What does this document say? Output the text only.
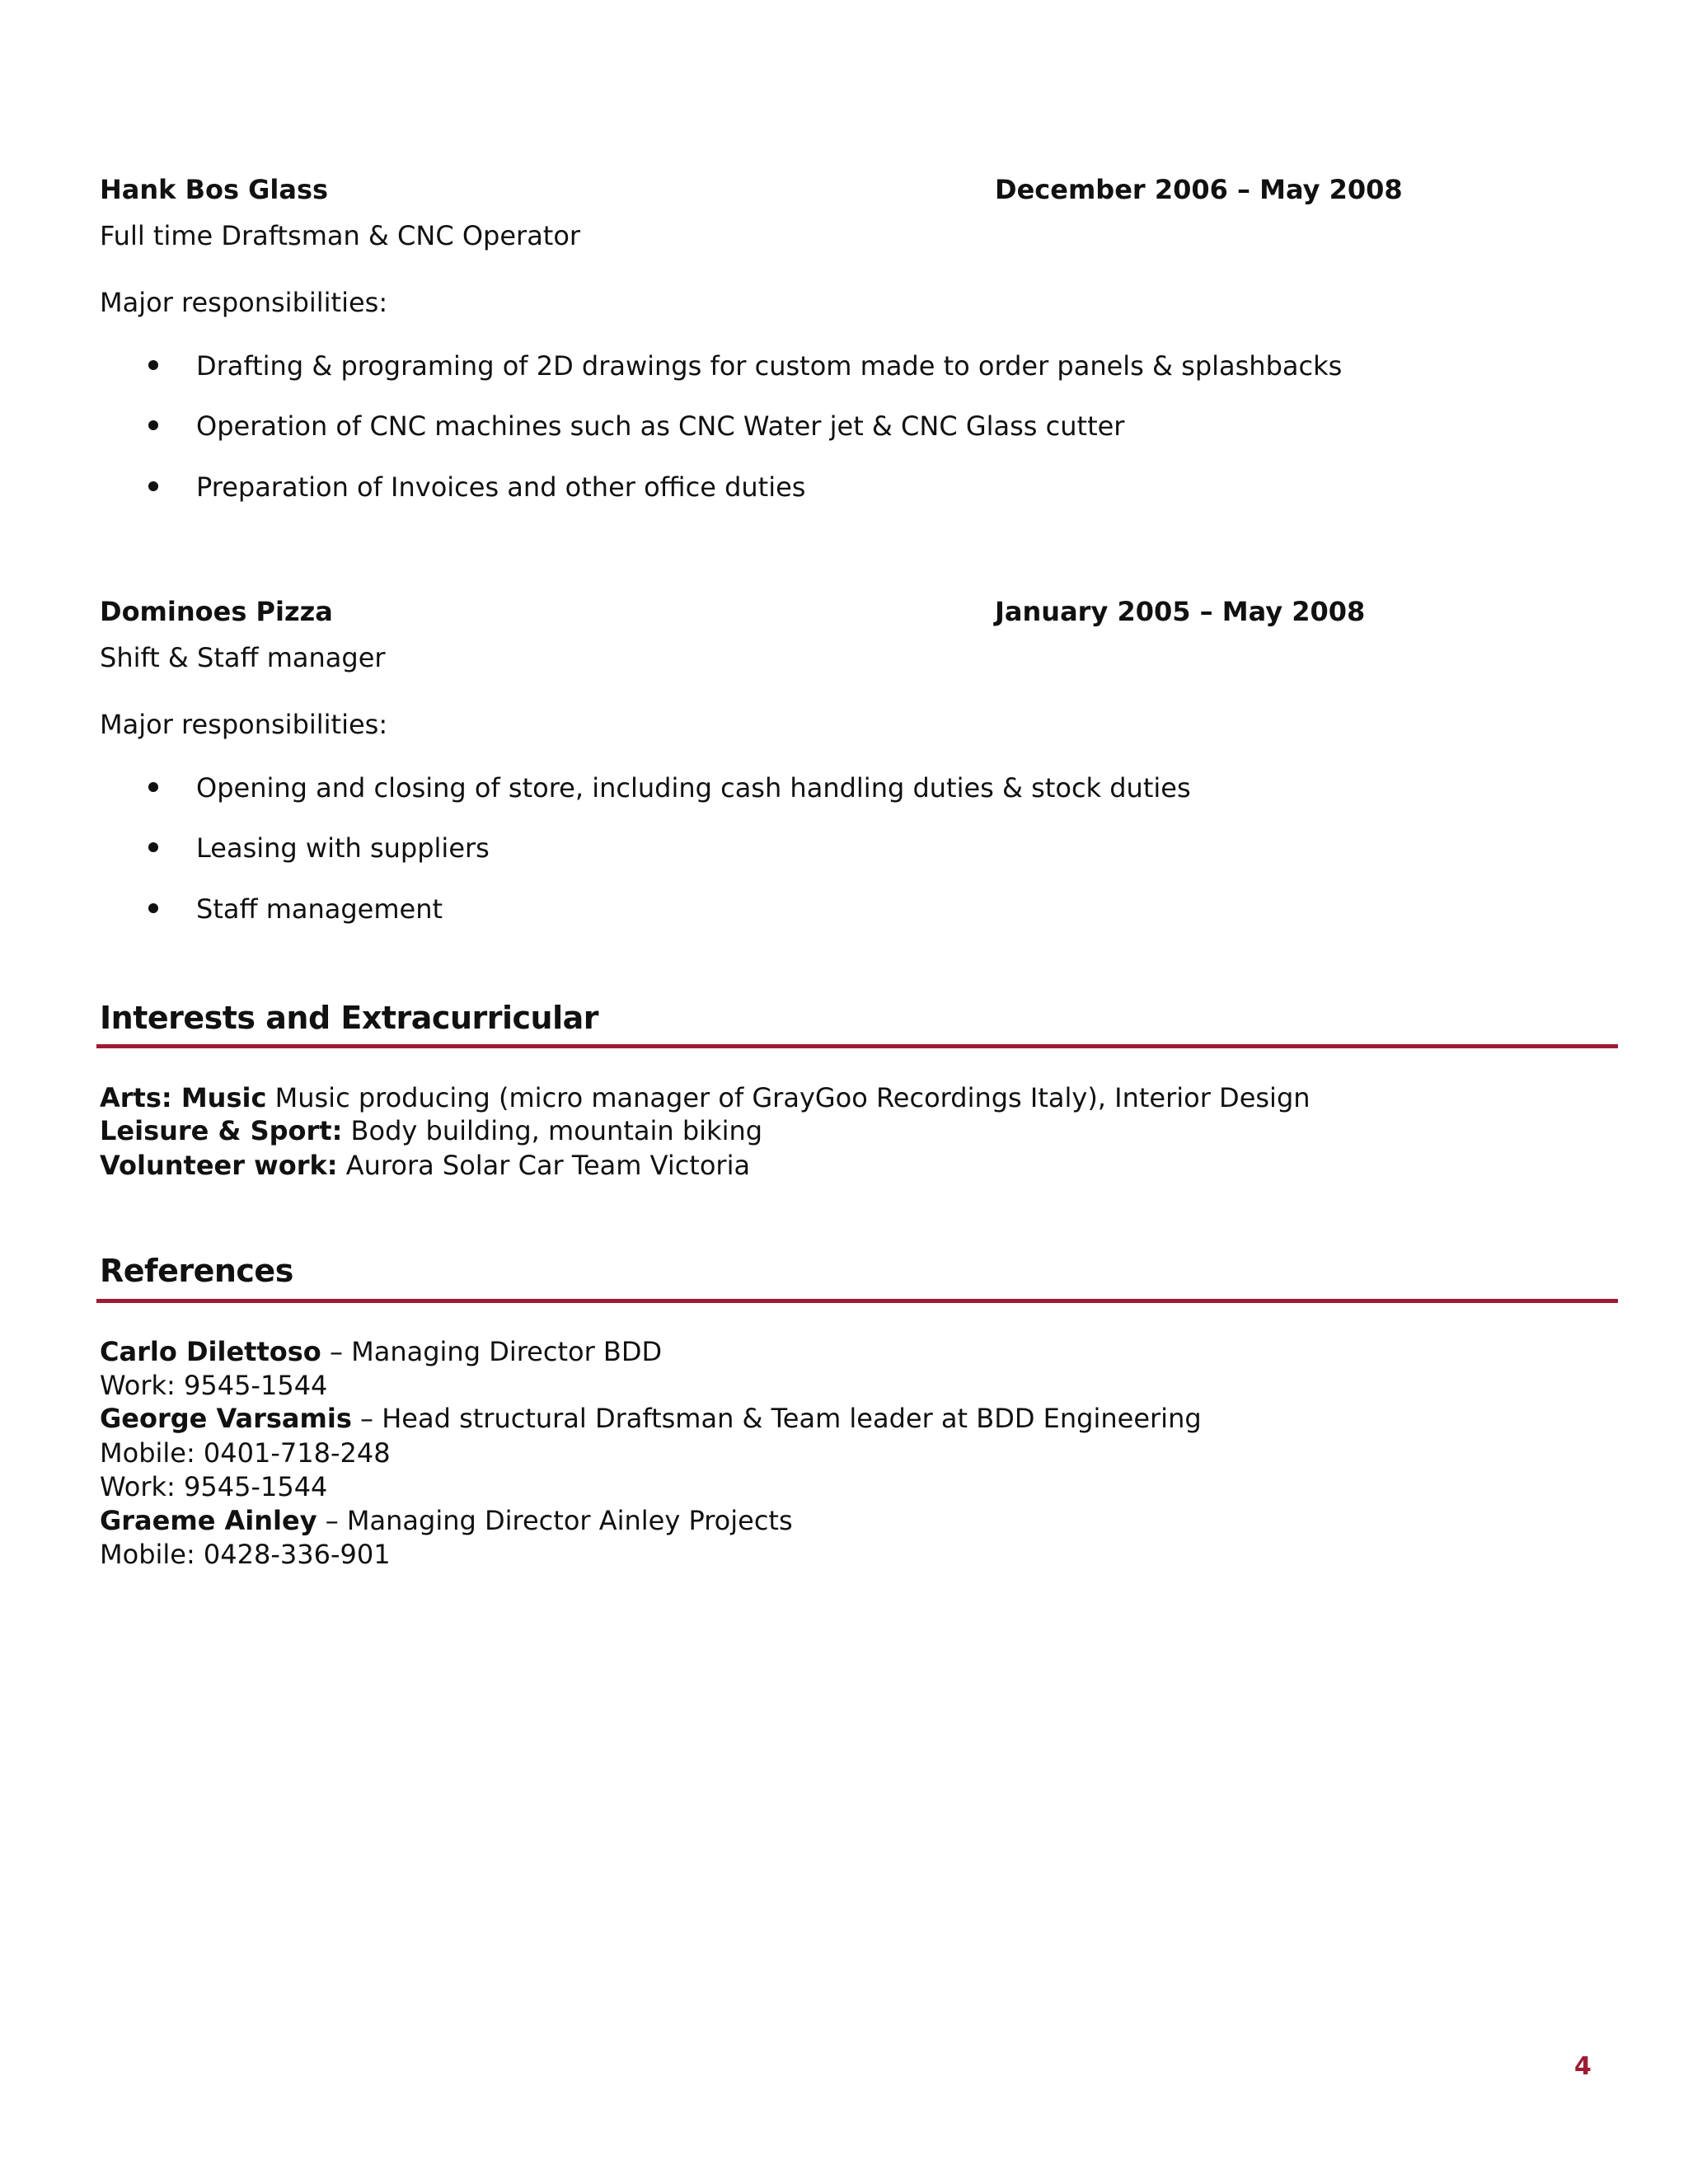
Hank Bos Glass	December 2006 – May 2008
Full time Draftsman & CNC Operator
Major responsibilities:
Drafting & programing of 2D drawings for custom made to order panels & splashbacks
Operation of CNC machines such as CNC Water jet & CNC Glass cutter
Preparation of Invoices and other office duties
Dominoes Pizza	January 2005 – May 2008
Shift & Staff manager
Major responsibilities:
Opening and closing of store, including cash handling duties & stock duties
Leasing with suppliers
Staff management
Interests and Extracurricular
Arts: Music Music producing (micro manager of GrayGoo Recordings Italy), Interior Design
Leisure & Sport: Body building, mountain biking
Volunteer work: Aurora Solar Car Team Victoria
References
Carlo Dilettoso – Managing Director BDD
Work: 9545-1544
George Varsamis – Head structural Draftsman & Team leader at BDD Engineering
Mobile: 0401-718-248
Work: 9545-1544
Graeme Ainley – Managing Director Ainley Projects
Mobile: 0428-336-901
4
